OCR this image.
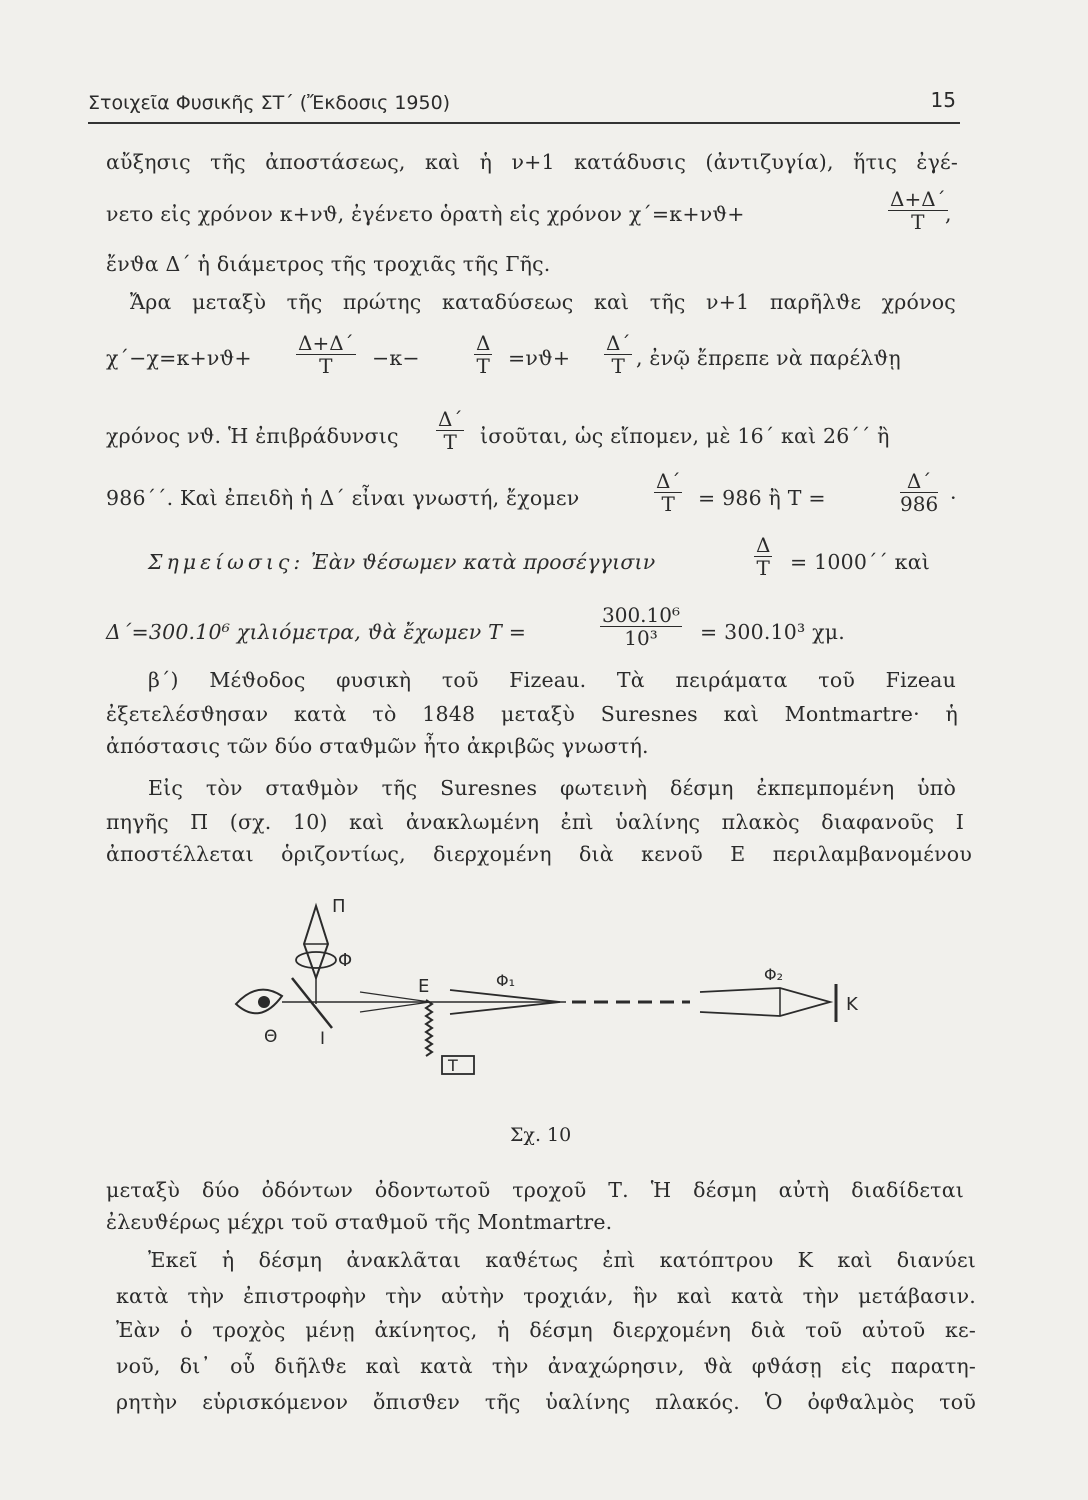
Στοιχεῖα Φυσικῆς ΣΤ΄ (Ἔκδοσις 1950)	15
αὔξησις τῆς ἀποστάσεως, καὶ ἡ ν+1 κατάδυσις (ἀντιζυγία), ἥτις ἐγέ-
νετο εἰς χρόνον κ+νϑ, ἐγένετο ὁρατὴ εἰς χρόνον χ΄=κ+νϑ+	$\frac{\Delta+\Delta΄}{T}$
,
ἔνϑα Δ΄ ἡ διάμετρος τῆς τροχιᾶς τῆς Γῆς.
Ἄρα μεταξὺ τῆς πρώτης καταδύσεως καὶ τῆς ν+1 παρῆλϑε χρόνος
$\chi΄-\chi=\kappa+\nu ϑ+ \frac{\Delta+\Delta΄}{T} -\kappa-$	$\frac{\Delta}{T} =\nu ϑ+ \frac{\Delta΄}{T}$ , ἐνῷ ἔπρεπε νὰ παρέλϑῃ
χρόνος νϑ. Ἡ ἐπιβράδυνσις $\frac{\Delta΄}{T}$ ἰσοῦται, ὡς εἴπομεν, μὲ 16΄ καὶ 26΄΄ ἢ
986΄΄. Καὶ ἐπειδὴ ἡ Δ΄ εἶναι γνωστή, ἔχομεν	$\frac{\Delta΄}{T} = 986$ ἢ T =	$\frac{\Delta΄}{986}$ ·
Σημείωσις: Ἐὰν ϑέσωμεν κατὰ προσέγγισιν	$\frac{\Delta}{T} = 1000΄΄$ καὶ
Δ΄=300.10⁶ χιλιόμετρα, ϑὰ ἔχωμεν T =	$\frac{\text{300.10⁶}}{\text{10³}} = 300.10^3$ χμ.
β΄) Μέϑοδος φυσικὴ τοῦ Fizeau. Τὰ πειράματα τοῦ Fizeau
ἐξετελέσϑησαν κατὰ τὸ 1848 μεταξὺ Suresnes καὶ Montmartre· ἡ
ἀπόστασις τῶν δύο σταϑμῶν ἦτο ἀκριβῶς γνωστή.
Εἰς τὸν σταϑμὸν τῆς Suresnes φωτεινὴ δέσμη ἐκπεμπομένη ὑπὸ
πηγῆς Π (σχ. 10) καὶ ἀνακλωμένη ἐπὶ ὑαλίνης πλακὸς διαφανοῦς Ι
ἀποστέλλεται ὁριζοντίως, διερχομένη διὰ κενοῦ Ε περιλαμβανομένου
Π
Φ
Θ	I
T
E	Φ₁	Φ₂
K
Σχ. 10
μεταξὺ δύο ὀδόντων ὀδοντωτοῦ τροχοῦ Τ. Ἡ δέσμη αὐτὴ διαδίδεται
ἐλευϑέρως μέχρι τοῦ σταϑμοῦ τῆς Montmartre.
Ἐκεῖ ἡ δέσμη ἀνακλᾶται καϑέτως ἐπὶ κατόπτρου Κ καὶ διανύει
κατὰ τὴν ἐπιστροφὴν τὴν αὐτὴν τροχιάν, ἣν καὶ κατὰ τὴν μετάβασιν.
Ἐὰν ὁ τροχὸς μένῃ ἀκίνητος, ἡ δέσμη διερχομένη διὰ τοῦ αὐτοῦ κε-
νοῦ, δι᾿ οὗ διῆλϑε καὶ κατὰ τὴν ἀναχώρησιν, ϑὰ φϑάσῃ εἰς παρατη-
ρητὴν εὑρισκόμενον ὄπισϑεν τῆς ὑαλίνης πλακός. Ὁ ὀφϑαλμὸς τοῦ
